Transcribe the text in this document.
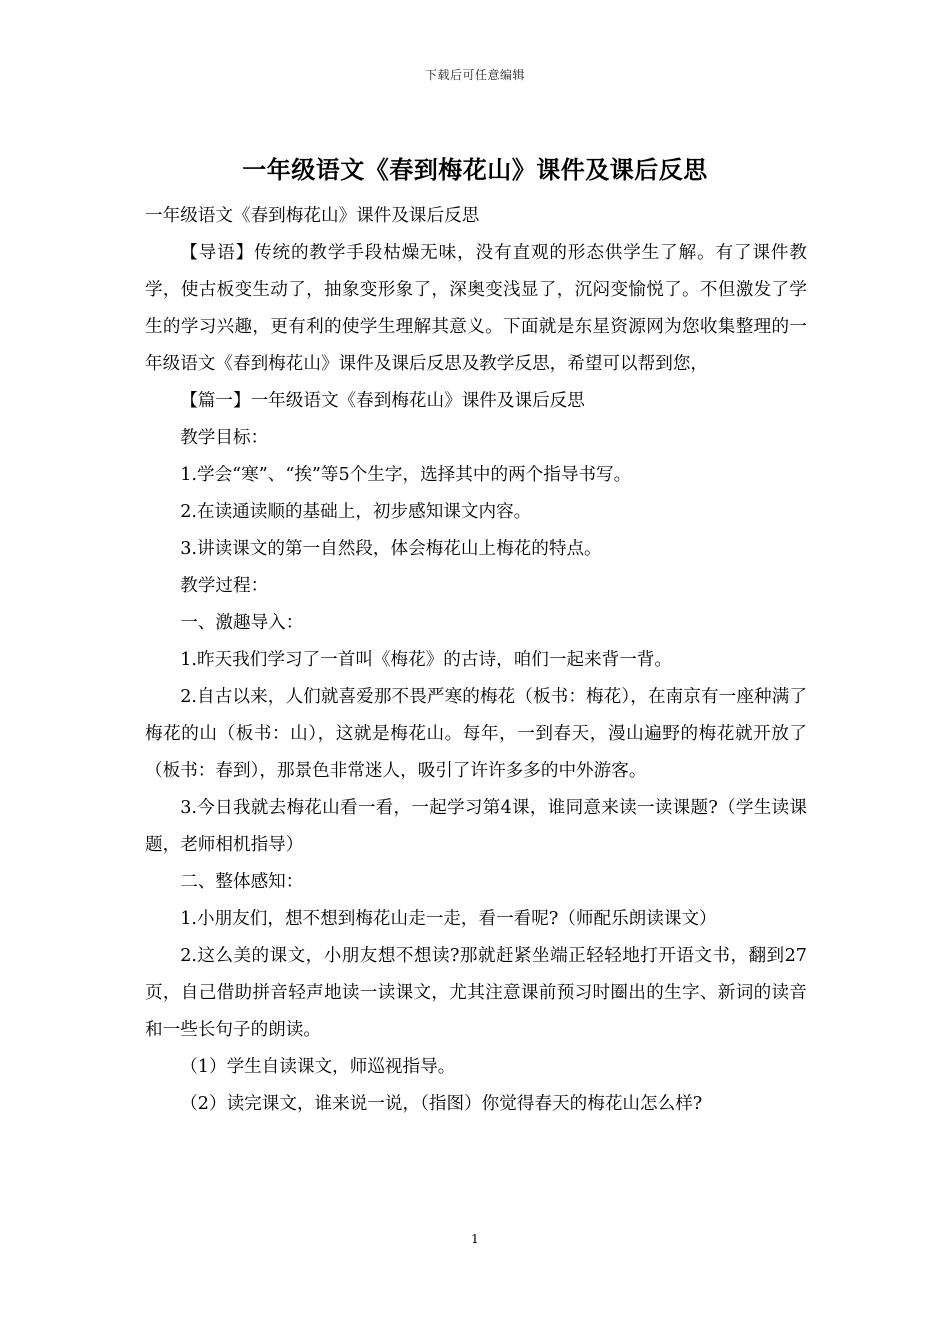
下载后可任意编辑
一年级语文《春到梅花山》课件及课后反思

一年级语文《春到梅花山》课件及课后反思

【导语】传统的教学手段枯燥无味，没有直观的形态供学生了解。有了课件教学，使古板变生动了，抽象变形象了，深奥变浅显了，沉闷变愉悦了。不但激发了学生的学习兴趣，更有利的使学生理解其意义。下面就是东星资源网为您收集整理的一年级语文《春到梅花山》课件及课后反思及教学反思，希望可以帮到您，

【篇一】一年级语文《春到梅花山》课件及课后反思

教学目标：

1.学会“寒”、“挨”等5个生字，选择其中的两个指导书写。

2.在读通读顺的基础上，初步感知课文内容。

3.讲读课文的第一自然段，体会梅花山上梅花的特点。

教学过程：

一、激趣导入：

1.昨天我们学习了一首叫《梅花》的古诗，咱们一起来背一背。

2.自古以来，人们就喜爱那不畏严寒的梅花（板书：梅花），在南京有一座种满了梅花的山（板书：山），这就是梅花山。每年，一到春天，漫山遍野的梅花就开放了（板书：春到），那景色非常迷人，吸引了许许多多的中外游客。

3.今日我就去梅花山看一看，一起学习第4课，谁同意来读一读课题?（学生读课题，老师相机指导）

二、整体感知：

1.小朋友们，想不想到梅花山走一走，看一看呢?（师配乐朗读课文）

2.这么美的课文，小朋友想不想读?那就赶紧坐端正轻轻地打开语文书，翻到27页，自己借助拼音轻声地读一读课文，尤其注意课前预习时圈出的生字、新词的读音和一些长句子的朗读。

（1）学生自读课文，师巡视指导。

（2）读完课文，谁来说一说，（指图）你觉得春天的梅花山怎么样?

1
